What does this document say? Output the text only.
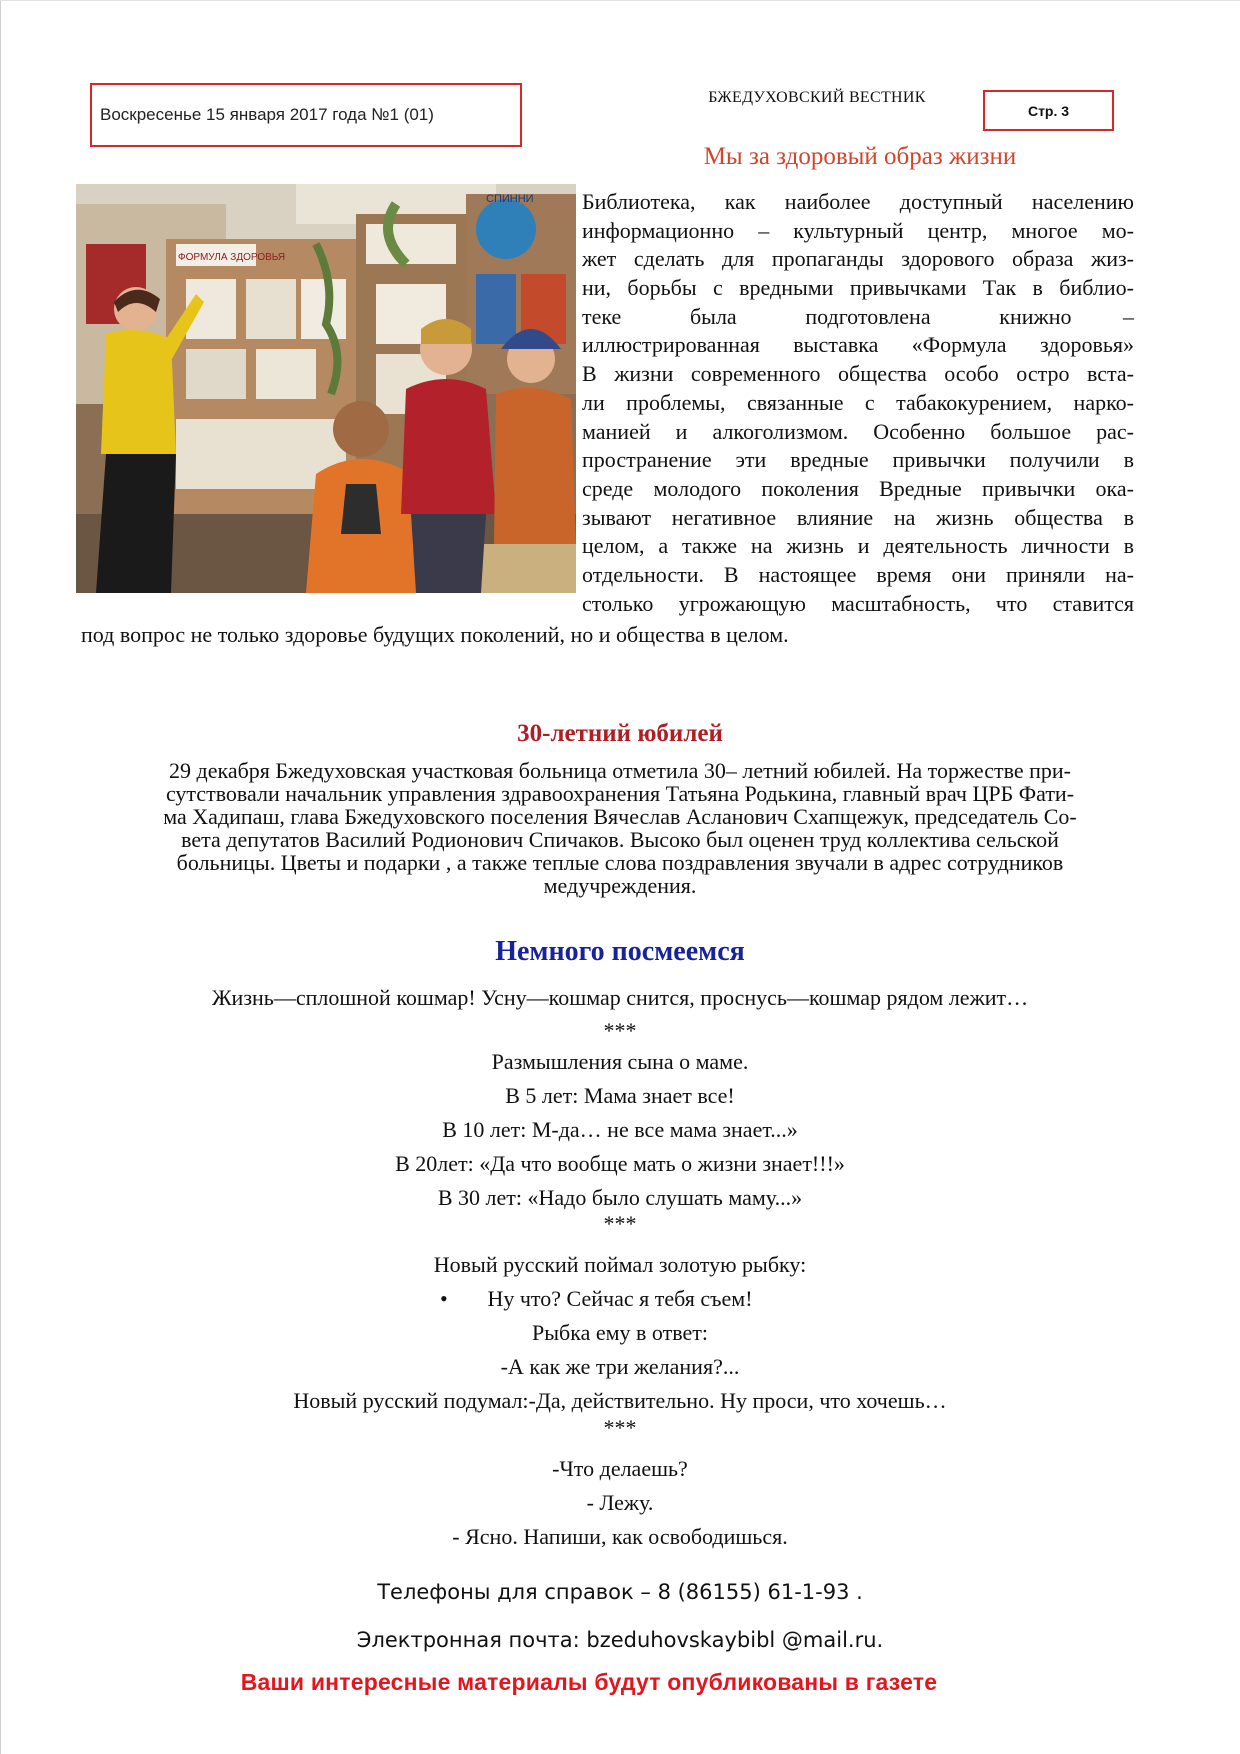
Воскресенье 15 января 2017 года №1 (01)
БЖЕДУХОВСКИЙ ВЕСТНИК
Стр. 3
Мы за здоровый образ жизни
ФОРМУЛА ЗДОРОВЬЯ
СПИННИ Библиотека, как наиболее доступный населению
информационно – культурный центр, многое мо-
жет сделать для пропаганды здорового образа жиз-
ни, борьбы с вредными привычками Так в библио-
теке        была        подготовлена        книжно      –
иллюстрированная выставка «Формула здоровья»
В жизни современного общества особо остро вста-
ли проблемы, связанные с табакокурением, нарко-
манией и алкоголизмом. Особенно большое рас-
пространение эти вредные привычки получили в
среде молодого поколения Вредные привычки ока-
зывают негативное влияние на жизнь общества в
целом, а также на жизнь и деятельность личности в
отдельности. В настоящее время они приняли на-
столько угрожающую масштабность, что ставится
под вопрос не только здоровье будущих поколений, но и общества в целом.
30-летний юбилей
29 декабря Бжедуховская участковая больница отметила 30– летний юбилей. На торжестве при-
сутствовали начальник управления здравоохранения Татьяна Родькина, главный врач ЦРБ Фати-
ма Хадипаш, глава Бжедуховского поселения Вячеслав Асланович Схапщежук, председатель Со-
вета депутатов Василий Родионович Спичаков. Высоко был оценен труд коллектива сельской
больницы. Цветы и подарки , а также теплые слова поздравления звучали в адрес сотрудников
медучреждения.
Немного посмеемся
Жизнь—сплошной кошмар! Усну—кошмар снится, проснусь—кошмар рядом лежит…
***
Размышления сына о маме.
В 5 лет: Мама знает все!
В 10 лет: М-да… не все мама знает...»
В 20лет: «Да что вообще мать о жизни знает!!!»
В 30 лет: «Надо было слушать маму...»
***
Новый русский поймал золотую рыбку:
•	Ну что? Сейчас я тебя съем!
Рыбка ему в ответ:
-А как же три желания?...
Новый русский подумал:-Да, действительно. Ну проси, что хочешь…
***
-Что делаешь?
- Лежу.
- Ясно. Напиши, как освободишься.
Телефоны для справок – 8 (86155) 61-1-93 .
Электронная почта: bzeduhovskaybibl @mail.ru.
Ваши интересные материалы будут опубликованы в газете
